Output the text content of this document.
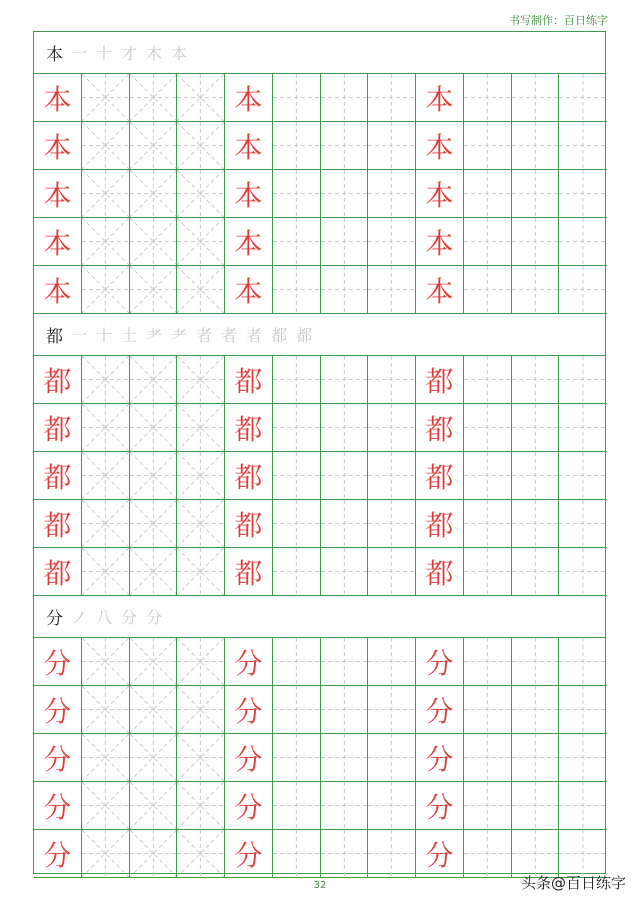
书写制作：百日练字
本 一 十 才 木 本
本	本	本
本	本	本
本	本	本
本	本	本
本	本	本
都 一 十 土 耂 耂 者 者 者 都 都
都	都	都
都	都	都
都	都	都
都	都	都
都	都	都
分 ノ 八 分 分
分	分	分
分	分	分
分	分	分
分	分	分
分	分	分
32	头条@百日练字
